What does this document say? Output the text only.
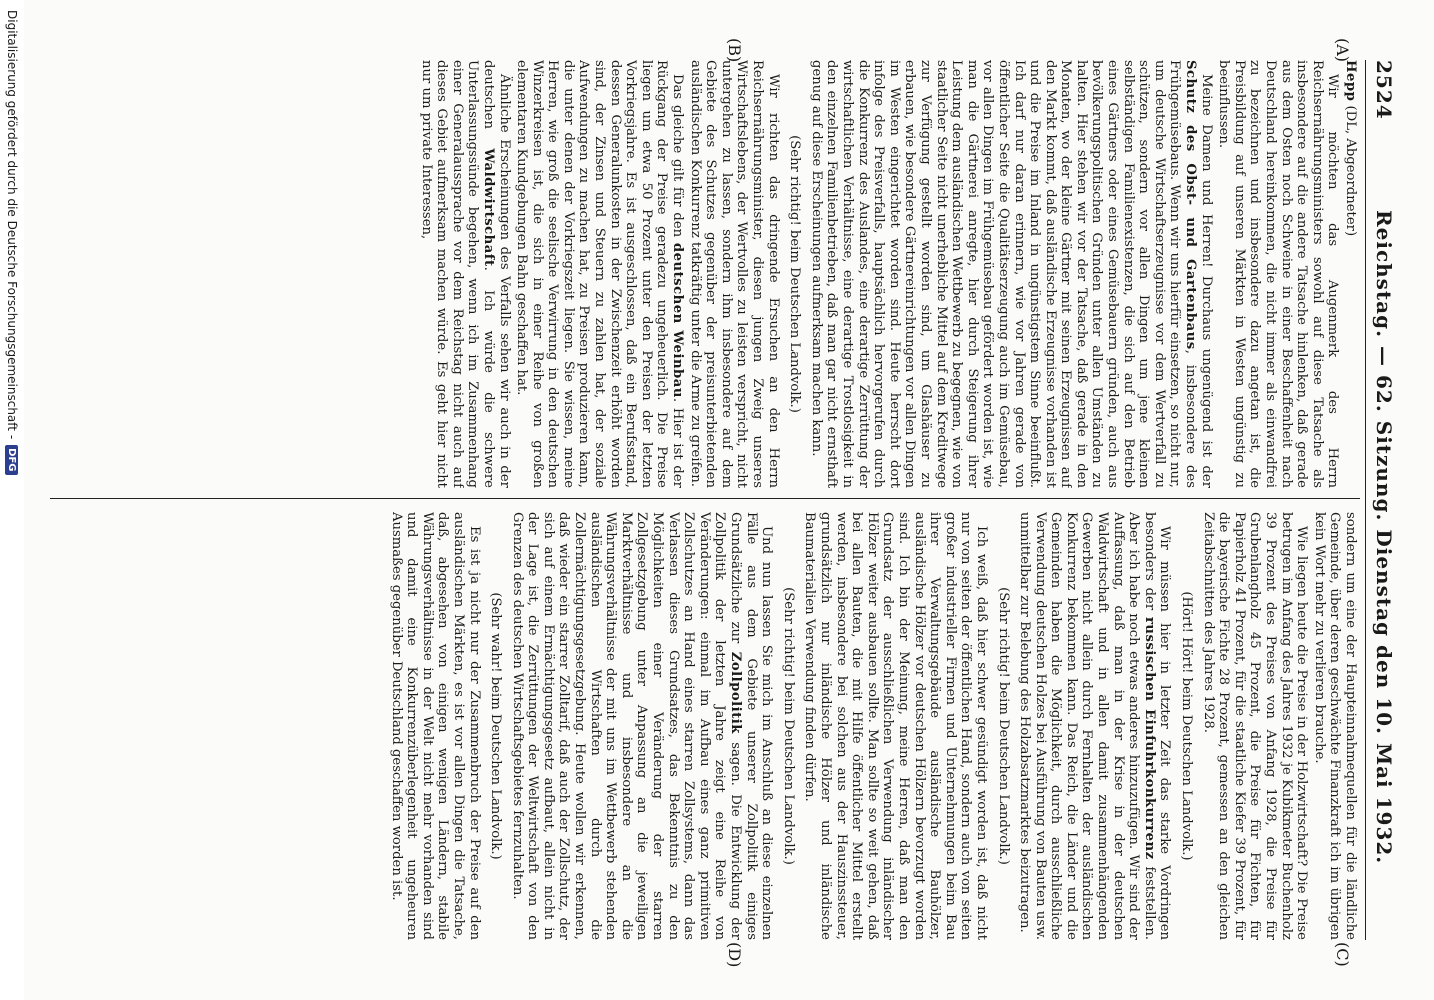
2524
Reichstag. — 62. Sitzung. Dienstag den 10. Mai 1932.
(A)
(B)
(C)
(D)

Hepp (DL, Abgeordneter)

Wir möchten das Augenmerk des Herrn Reichsernährungsministers sowohl auf diese Tatsache als insbesondere auf die andere Tatsache hinlenken, daß gerade aus dem Osten noch Schweine in einer Beschaffenheit nach Deutschland hereinkommen, die nicht immer als einwandfrei zu bezeichnen und insbesondere dazu angetan ist, die Preisbildung auf unseren Märkten in Westen ungünstig zu beeinflussen.

Meine Damen und Herren! Durchaus ungenügend ist der Schutz des Obst- und Gartenbaus, insbesondere des Frühgemüsebaus. Wenn wir uns hierfür einsetzen, so nicht nur, um deutsche Wirtschaftserzeugnisse vor dem Wertverfall zu schützen, sondern vor allen Dingen um jene kleinen selbständigen Familienexistenzen, die sich auf den Betrieb eines Gärtners oder eines Gemüsebauern gründen, auch aus bevölkerungspolitischen Gründen unter allen Umständen zu halten. Hier stehen wir vor der Tatsache, daß gerade in den Monaten, wo der kleine Gärtner mit seinen Erzeugnissen auf den Markt kommt, daß ausländische Erzeugnisse vorhanden ist und die Preise im Inland in ungünstigstem Sinne beeinflußt. Ich darf nur daran erinnern, wie vor Jahren gerade von öffentlicher Seite die Qualitätserzeugung auch im Gemüsebau, vor allen Dingen im Frühgemüsebau gefördert worden ist, wie man die Gärtnerei anregte, hier durch Steigerung ihrer Leistung dem ausländischen Wettbewerb zu begegnen, wie von staatlicher Seite nicht unerhebliche Mittel auf dem Kreditwege zur Verfügung gestellt worden sind, um Glashäuser zu erbauen, wie besondere Gärtnereinrichtungen vor allen Dingen im Westen eingerichtet worden sind. Heute herrscht dort infolge des Preisverfalls, hauptsächlich hervorgerufen durch die Konkurrenz des Auslandes, eine derartige Zerrüttung der wirtschaftlichen Verhältnisse, eine derartige Trostlosigkeit in den einzelnen Familienbetrieben, daß man gar nicht ernsthaft genug auf diese Erscheinungen aufmerksam machen kann.

(Sehr richtig! beim Deutschen Landvolk.)

Wir richten das dringende Ersuchen an den Herrn Reichsernährungsminister, diesen jungen Zweig unseres Wirtschaftslebens, der Wertvolles zu leisten verspricht, nicht untergehen zu lassen, sondern ihm insbesondere auf dem Gebiete des Schutzes gegenüber der preisunterbietenden ausländischen Konkurrenz tatkräftig unter die Arme zu greifen.

Das gleiche gilt für den deutschen Weinbau. Hier ist der Rückgang der Preise geradezu ungeheuerlich. Die Preise liegen um etwa 50 Prozent unter den Preisen der letzten Vorkriegsjahre. Es ist ausgeschlossen, daß ein Berufsstand, dessen Generalunkosten in der Zwischenzeit erhöht worden sind, der Zinsen und Steuern zu zahlen hat, der soziale Aufwendungen zu machen hat, zu Preisen produzieren kann, die unter denen der Vorkriegszeit liegen. Sie wissen, meine Herren, wie groß die seelische Verwirrung in den deutschen Winzerkreisen ist, die sich in einer Reihe von großen elementaren Kundgebungen Bahn geschaffen hat.

Ähnliche Erscheinungen des Verfalls sehen wir auch in der deutschen Waldwirtschaft. Ich würde die schwere Unterlassungssünde begehen, wenn ich im Zusammenhang einer Generalaussprache vor dem Reichstag nicht auch auf dieses Gebiet aufmerksam machen würde. Es geht hier nicht nur um private Interessen,

sondern um eine der Haupteinnahmequellen für die ländliche Gemeinde, über deren geschwächte Finanzkraft ich im übrigen kein Wort mehr zu verlieren brauche.

Wie liegen heute die Preise in der Holzwirtschaft? Die Preise betrugen im Anfang des Jahres 1932 je Kubikmeter Buchenholz 39 Prozent des Preises von Anfang 1928, die Preise für Grubenlangholz 45 Prozent, die Preise für Fichten, für Papierholz 41 Prozent, für die staatliche Kiefer 39 Prozent, für die bayerische Fichte 28 Prozent, gemessen an den gleichen Zeitabschnitten des Jahres 1928.

(Hört! Hört! beim Deutschen Landvolk.)

Wir müssen hier in letzter Zeit das starke Vordringen besonders der russischen Einfuhrkonkurrenz feststellen. Aber ich habe noch etwas anderes hinzuzufügen. Wir sind der Auffassung, daß man in der Krise in der deutschen Waldwirtschaft und in allen damit zusammenhängenden Gewerben nicht allein durch Fernhalten der ausländischen Konkurrenz bekommen kann. Das Reich, die Länder und die Gemeinden haben die Möglichkeit, durch ausschließliche Verwendung deutschen Holzes bei Ausführung von Bauten usw. unmittelbar zur Belebung des Holzabsatzmarktes beizutragen.

(Sehr richtig! beim Deutschen Landvolk.)

Ich weiß, daß hier schwer gesündigt worden ist, daß nicht nur von seiten der öffentlichen Hand, sondern auch von seiten großer industrieller Firmen und Unternehmungen beim Bau ihrer Verwaltungsgebäude ausländische Bauhölzer, ausländische Hölzer vor deutschen Hölzern bevorzugt worden sind. Ich bin der Meinung, meine Herren, daß man den Grundsatz der ausschließlichen Verwendung inländischer Hölzer weiter ausbauen sollte. Man sollte so weit gehen, daß bei allen Bauten, die mit Hilfe öffentlicher Mittel erstellt werden, insbesondere bei solchen aus der Hauszinssteuer, grundsätzlich nur inländische Hölzer und inländische Baumaterialien Verwendung finden dürfen.

(Sehr richtig! beim Deutschen Landvolk.)

Und nun lassen Sie mich im Anschluß an diese einzelnen Fälle aus dem Gebiete unserer Zollpolitik einiges Grundsätzliche zur Zollpolitik sagen. Die Entwicklung der Zollpolitik der letzten Jahre zeigt eine Reihe von Veränderungen: einmal im Aufbau eines ganz primitiven Zollschutzes an Hand eines starren Zollsystems, dann das Verlassen dieses Grundsatzes, das Bekenntnis zu den Möglichkeiten einer Veränderung der starren Zollgesetzgebung unter Anpassung an die jeweiligen Marktverhältnisse und insbesondere an die Währungsverhältnisse der mit uns im Wettbewerb stehenden ausländischen Wirtschaften durch die Zollermächtigungsgesetzgebung. Heute wollen wir erkennen, daß wieder ein starrer Zolltarif, daß auch der Zollschutz, der sich auf einem Ermächtigungsgesetz aufbaut, allein nicht in der Lage ist, die Zerrüttungen der Weltwirtschaft von den Grenzen des deutschen Wirtschaftsgebietes fernzuhalten.

(Sehr wahr! beim Deutschen Landvolk.)

Es ist ja nicht nur der Zusammenbruch der Preise auf den ausländischen Märkten, es ist vor allen Dingen die Tatsache, daß, abgesehen von einigen wenigen Ländern, stabile Währungsverhältnisse in der Welt nicht mehr vorhanden sind und damit eine Konkurrenzüberlegenheit ungeheuren Ausmaßes gegenüber Deutschland geschaffen worden ist.

Digitalisierung gefördert durch die Deutsche Forschungsgemeinschaft -
DFG
